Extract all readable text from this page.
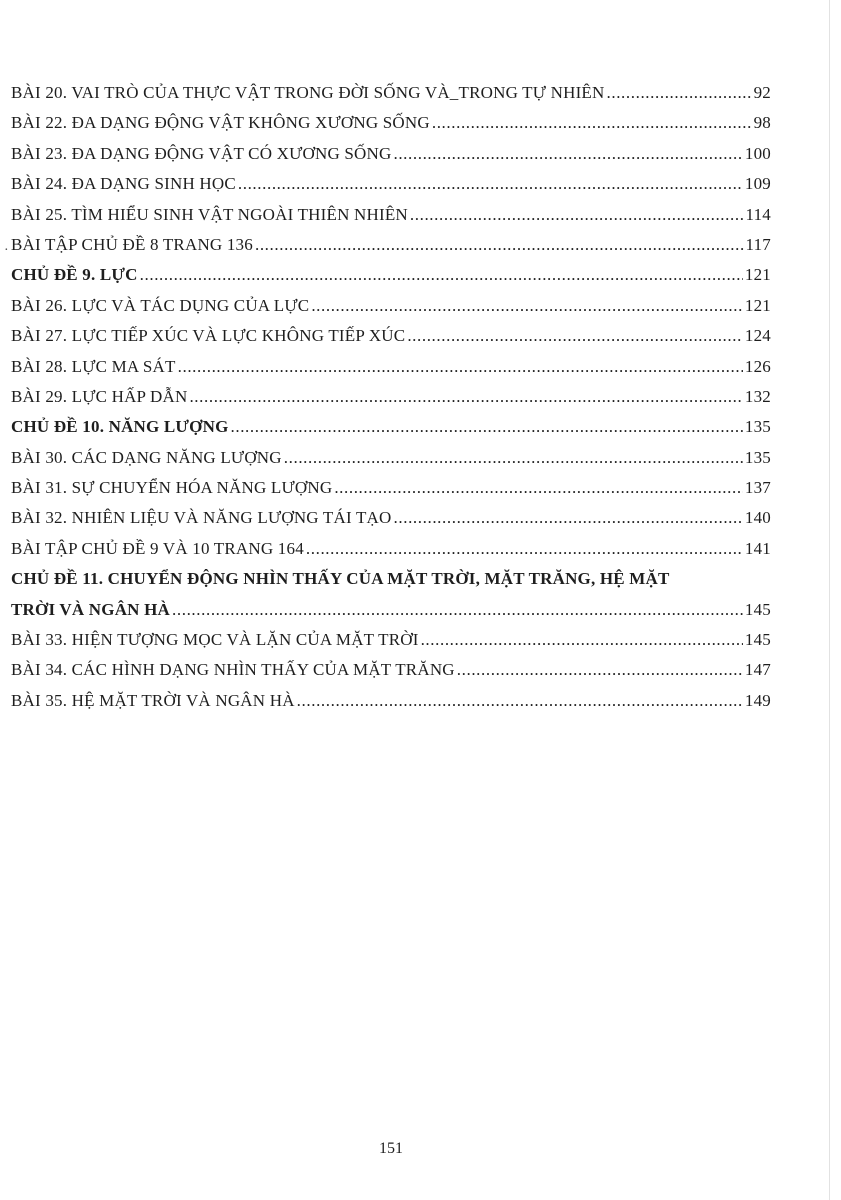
·
BÀI 20. VAI TRÒ CỦA THỰC VẬT TRONG ĐỜI SỐNG VÀ_TRONG TỰ NHIÊN .....	92
BÀI 22. ĐA DẠNG ĐỘNG VẬT KHÔNG XƯƠNG SỐNG .....	98
BÀI 23. ĐA DẠNG ĐỘNG VẬT CÓ XƯƠNG SỐNG .....	100
BÀI 24. ĐA DẠNG SINH HỌC .....	109
BÀI 25. TÌM HIỂU SINH VẬT NGOÀI THIÊN NHIÊN .....	114
BÀI TẬP CHỦ ĐỀ 8 TRANG 136 .....	117
CHỦ ĐỀ 9. LỰC .....	121
BÀI 26. LỰC VÀ TÁC DỤNG CỦA LỰC .....	121
BÀI 27. LỰC TIẾP XÚC VÀ LỰC KHÔNG TIẾP XÚC .....	124
BÀI 28. LỰC MA SÁT .....	126
BÀI 29. LỰC HẤP DẪN .....	132
CHỦ ĐỀ 10. NĂNG LƯỢNG .....	135
BÀI 30. CÁC DẠNG NĂNG LƯỢNG .....	135
BÀI 31. SỰ CHUYỂN HÓA NĂNG LƯỢNG .....	137
BÀI 32. NHIÊN LIỆU VÀ NĂNG LƯỢNG TÁI TẠO .....	140
BÀI TẬP CHỦ ĐỀ 9 VÀ 10 TRANG 164 .....	141
CHỦ ĐỀ 11. CHUYỂN ĐỘNG NHÌN THẤY CỦA MẶT TRỜI, MẶT TRĂNG, HỆ MẶT
TRỜI VÀ NGÂN HÀ .....	145
BÀI 33. HIỆN TƯỢNG MỌC VÀ LẶN CỦA MẶT TRỜI .....	145
BÀI 34. CÁC HÌNH DẠNG NHÌN THẤY CỦA MẶT TRĂNG .....	147
BÀI 35. HỆ MẶT TRỜI VÀ NGÂN HÀ .....	149
151
